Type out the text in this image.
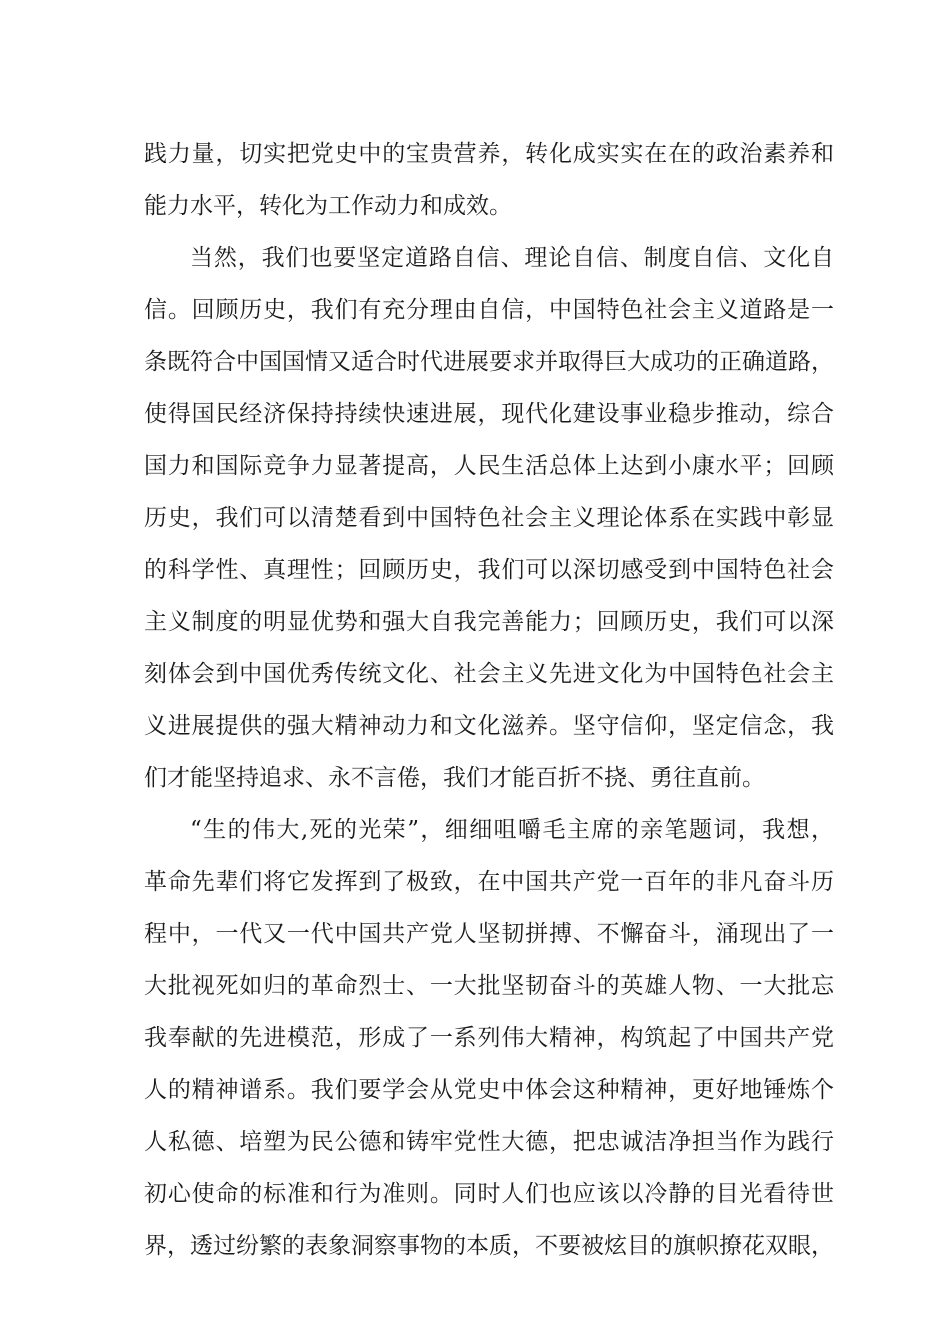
践力量，切实把党史中的宝贵营养，转化成实实在在的政治素养和
能力水平，转化为工作动力和成效。
当然，我们也要坚定道路自信、理论自信、制度自信、文化自
信。回顾历史，我们有充分理由自信，中国特色社会主义道路是一
条既符合中国国情又适合时代进展要求并取得巨大成功的正确道路，
使得国民经济保持持续快速进展，现代化建设事业稳步推动，综合
国力和国际竞争力显著提高，人民生活总体上达到小康水平；回顾
历史，我们可以清楚看到中国特色社会主义理论体系在实践中彰显
的科学性、真理性；回顾历史，我们可以深切感受到中国特色社会
主义制度的明显优势和强大自我完善能力；回顾历史，我们可以深
刻体会到中国优秀传统文化、社会主义先进文化为中国特色社会主
义进展提供的强大精神动力和文化滋养。坚守信仰，坚定信念，我
们才能坚持追求、永不言倦，我们才能百折不挠、勇往直前。
“生的伟大,死的光荣”，细细咀嚼毛主席的亲笔题词，我想，
革命先辈们将它发挥到了极致，在中国共产党一百年的非凡奋斗历
程中，一代又一代中国共产党人坚韧拼搏、不懈奋斗，涌现出了一
大批视死如归的革命烈士、一大批坚韧奋斗的英雄人物、一大批忘
我奉献的先进模范，形成了一系列伟大精神，构筑起了中国共产党
人的精神谱系。我们要学会从党史中体会这种精神，更好地锤炼个
人私德、培塑为民公德和铸牢党性大德，把忠诚洁净担当作为践行
初心使命的标准和行为准则。同时人们也应该以冷静的目光看待世
界，透过纷繁的表象洞察事物的本质，不要被炫目的旗帜撩花双眼，
